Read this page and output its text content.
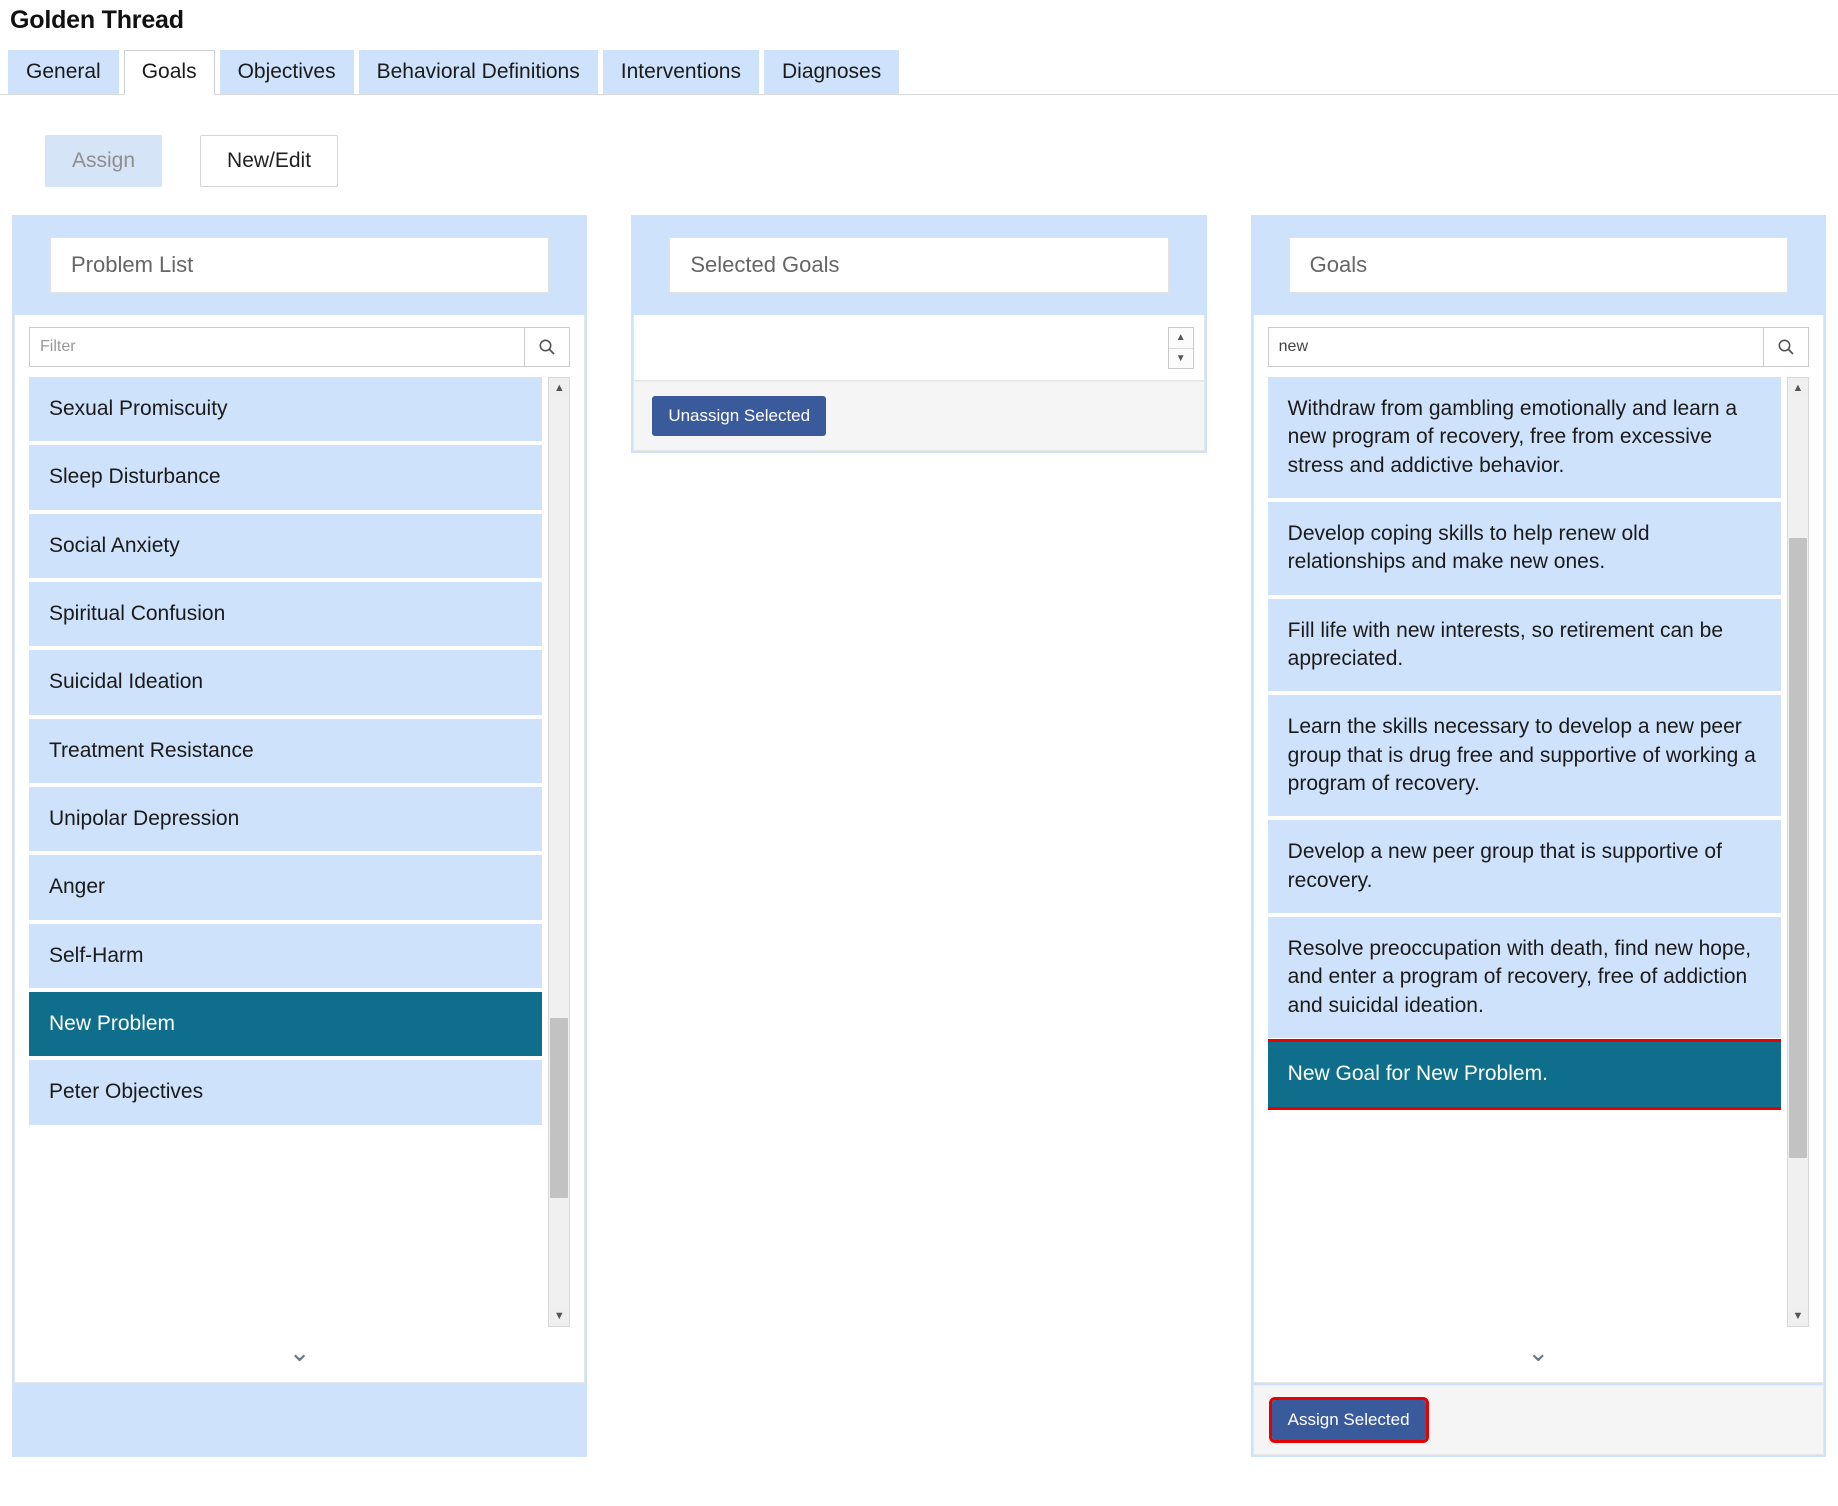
Golden Thread
General	Goals	Objectives	Behavioral Definitions	Interventions	Diagnoses
Assign	New/Edit
Problem List
Filter
Sexual Promiscuity
Sleep Disturbance
Social Anxiety
Spiritual Confusion
Suicidal Ideation
Treatment Resistance
Unipolar Depression
Anger
Self-Harm
New Problem
Peter Objectives
▲
▼
⌄
Selected Goals
▲
▼
Unassign Selected
Goals
new
Withdraw from gambling emotionally and learn a new program of recovery, free from excessive stress and addictive behavior.
Develop coping skills to help renew old relationships and make new ones.
Fill life with new interests, so retirement can be appreciated.
Learn the skills necessary to develop a new peer group that is drug free and supportive of working a program of recovery.
Develop a new peer group that is supportive of recovery.
Resolve preoccupation with death, find new hope, and enter a program of recovery, free of addiction and suicidal ideation.
New Goal for New Problem.
▲
▼
⌄
Assign Selected
